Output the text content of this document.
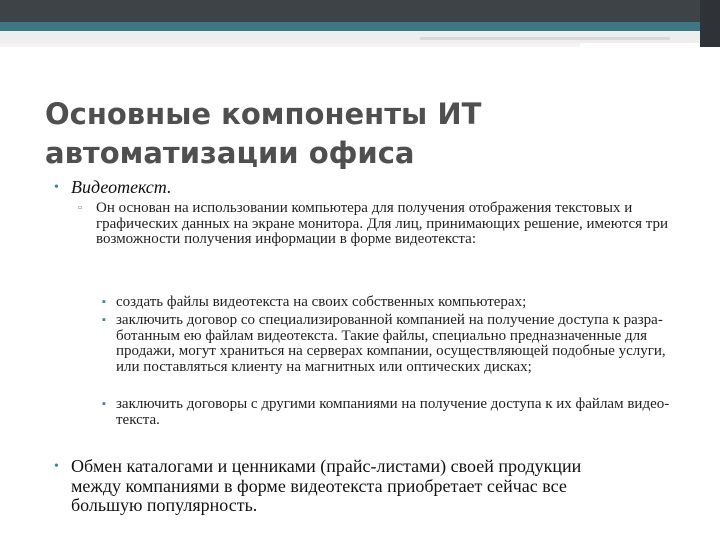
Основные компоненты ИТ автоматизации офиса
• Видеотекст.
▫ Он основан на использовании компьютера для получения отображения текстовых и графических данных на экране монитора. Для лиц, принимающих решение, имеются три возможности получения информации в форме видеотекста:
▪ создать файлы видеотекста на своих собственных компьютерах;
▪ заключить договор со специализированной компанией на получение доступа к разра-ботанным ею файлам видеотекста. Такие файлы, специально предназначенные для продажи, могут храниться на серверах компании, осуществляющей подобные услуги, или поставляться клиенту на магнитных или оптических дисках;
▪ заключить договоры с другими компаниями на получение доступа к их файлам видео- текста.
• Обмен каталогами и ценниками (прайс-листами) своей продукции между компаниями в форме видеотекста приобретает сейчас все большую популярность.
